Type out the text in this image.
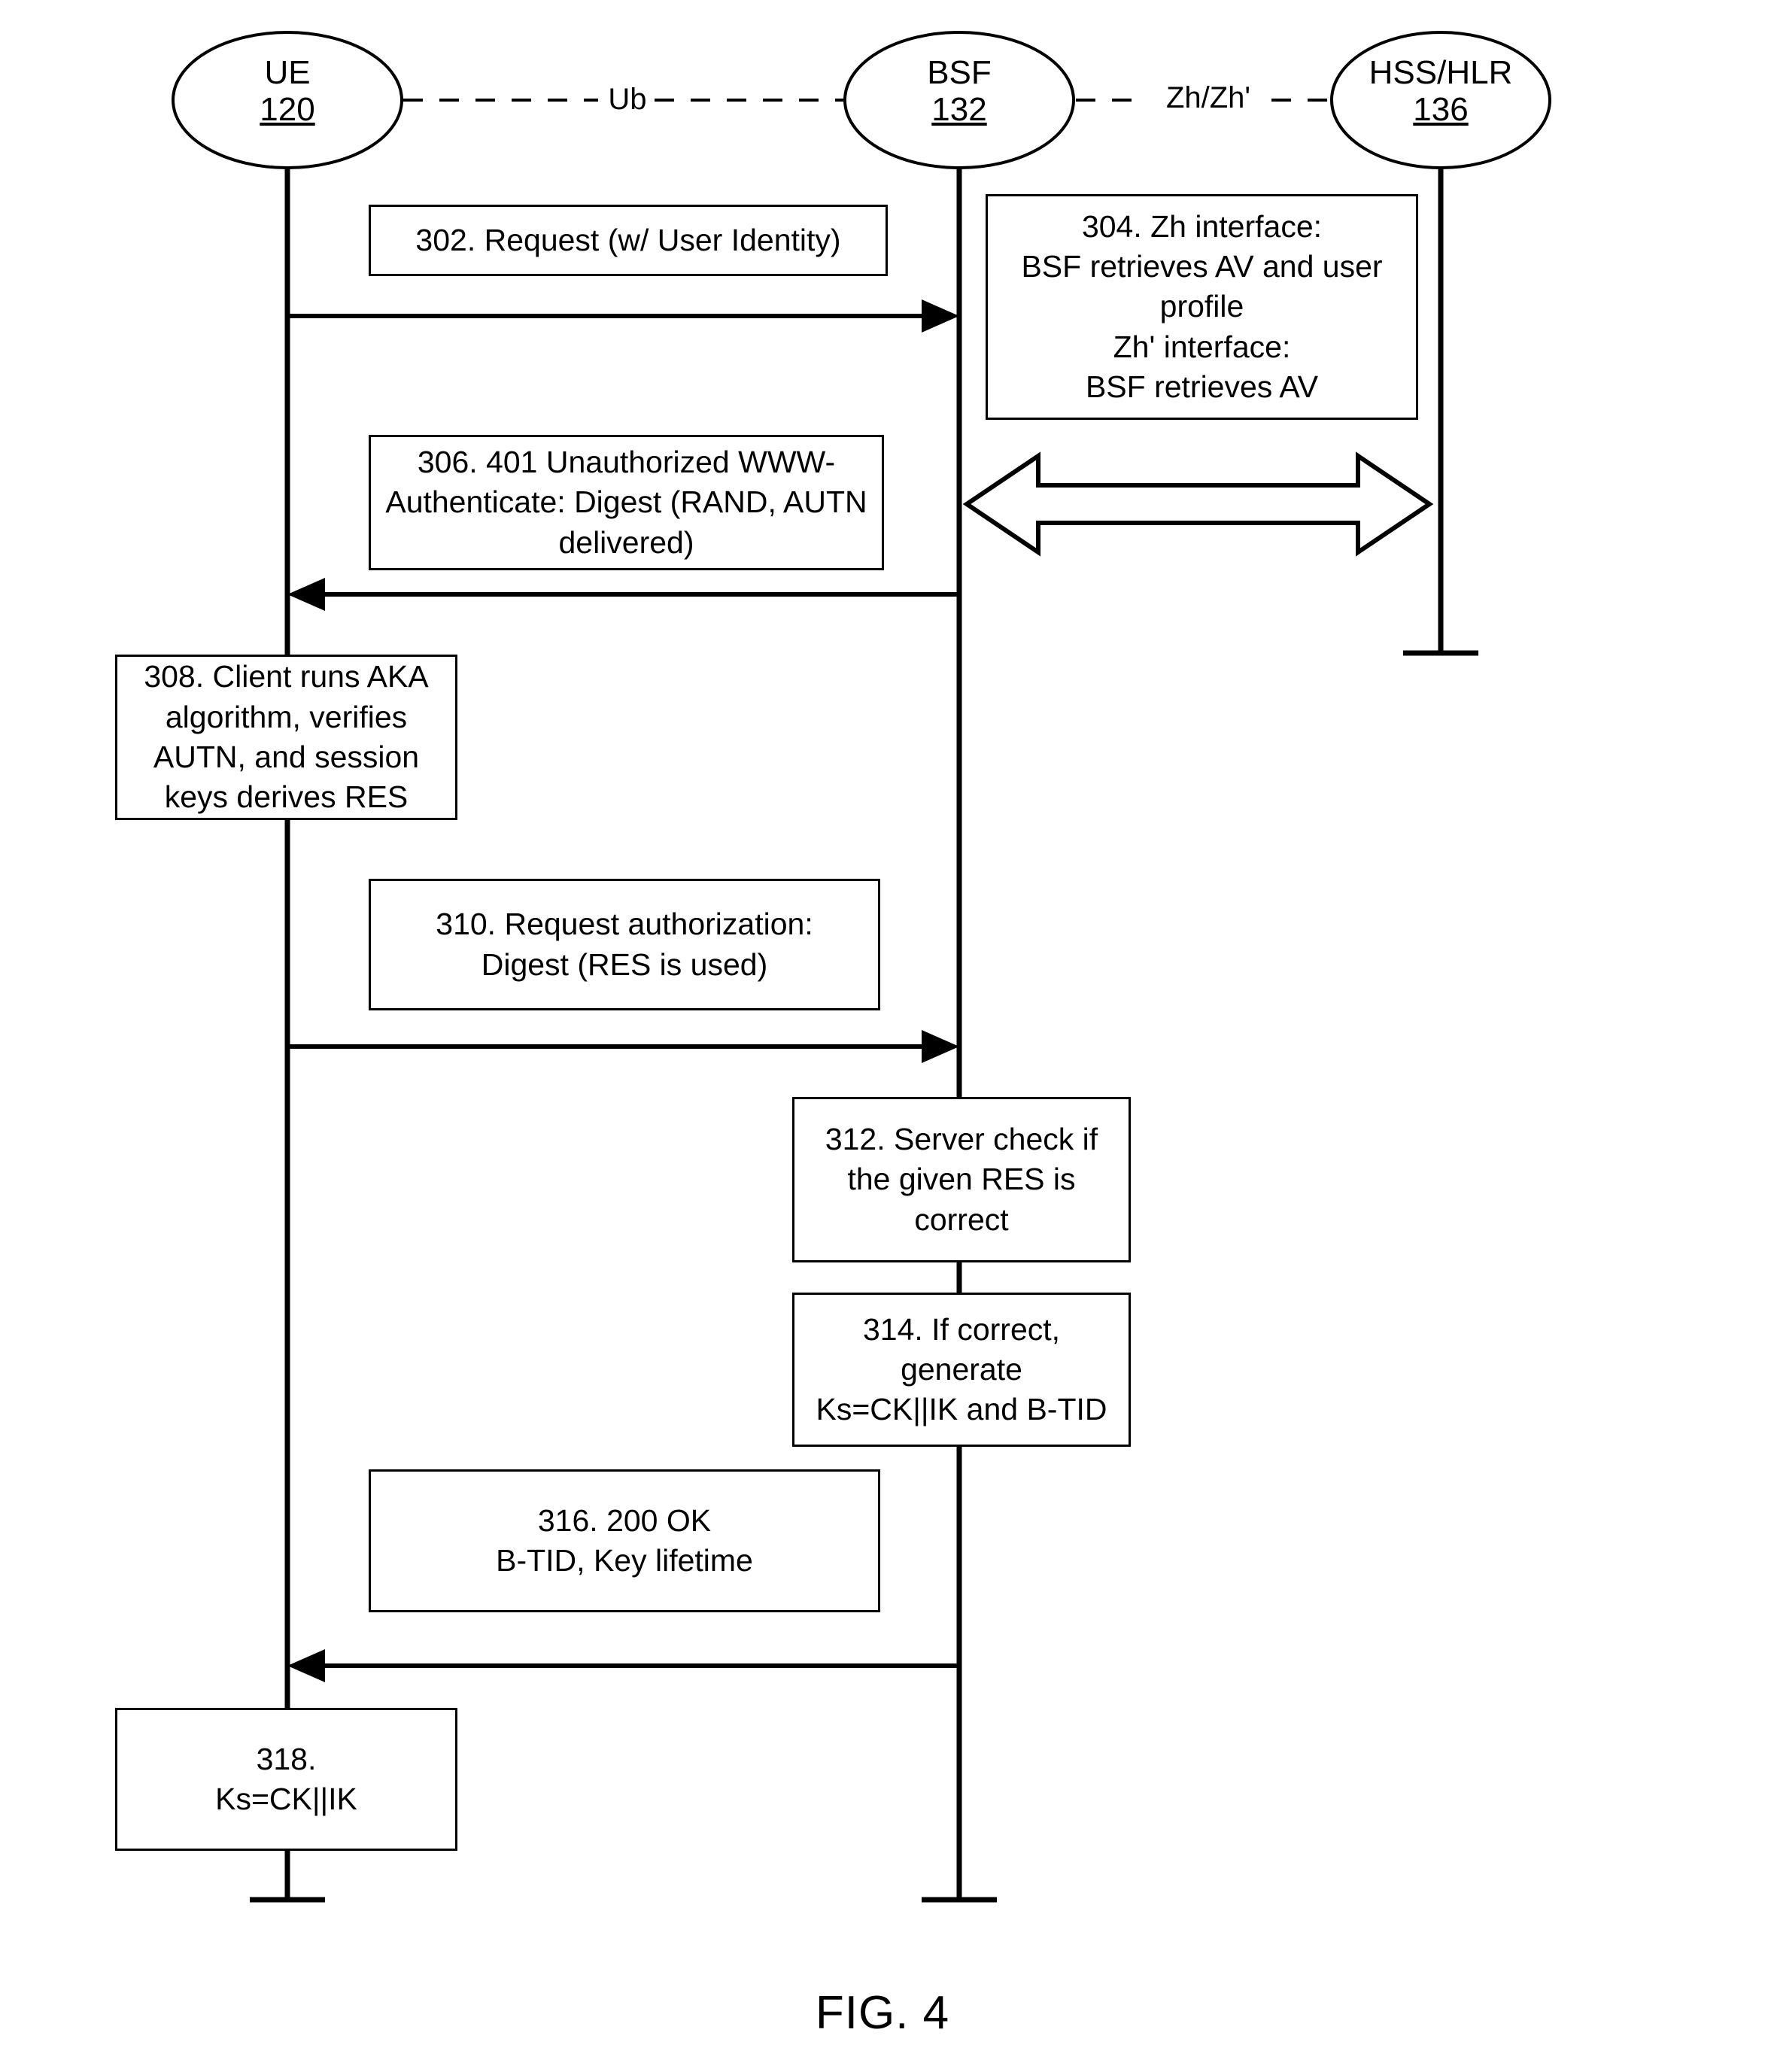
UE
120
BSF
132
HSS/HLR
136
Ub	Zh/Zh'
302. Request (w/ User Identity)	304. Zh interface:
BSF retrieves AV and user profile
Zh' interface:
BSF retrieves AV
306. 401 Unauthorized WWW-Authenticate: Digest (RAND, AUTN delivered)
308. Client runs AKA algorithm, verifies AUTN, and session keys derives RES
310. Request authorization:
Digest (RES is used)
312. Server check if the given RES is correct
314. If correct, generate
Ks=CK||IK and B-TID
316. 200 OK
B-TID, Key lifetime
318.
Ks=CK||IK
FIG. 4
